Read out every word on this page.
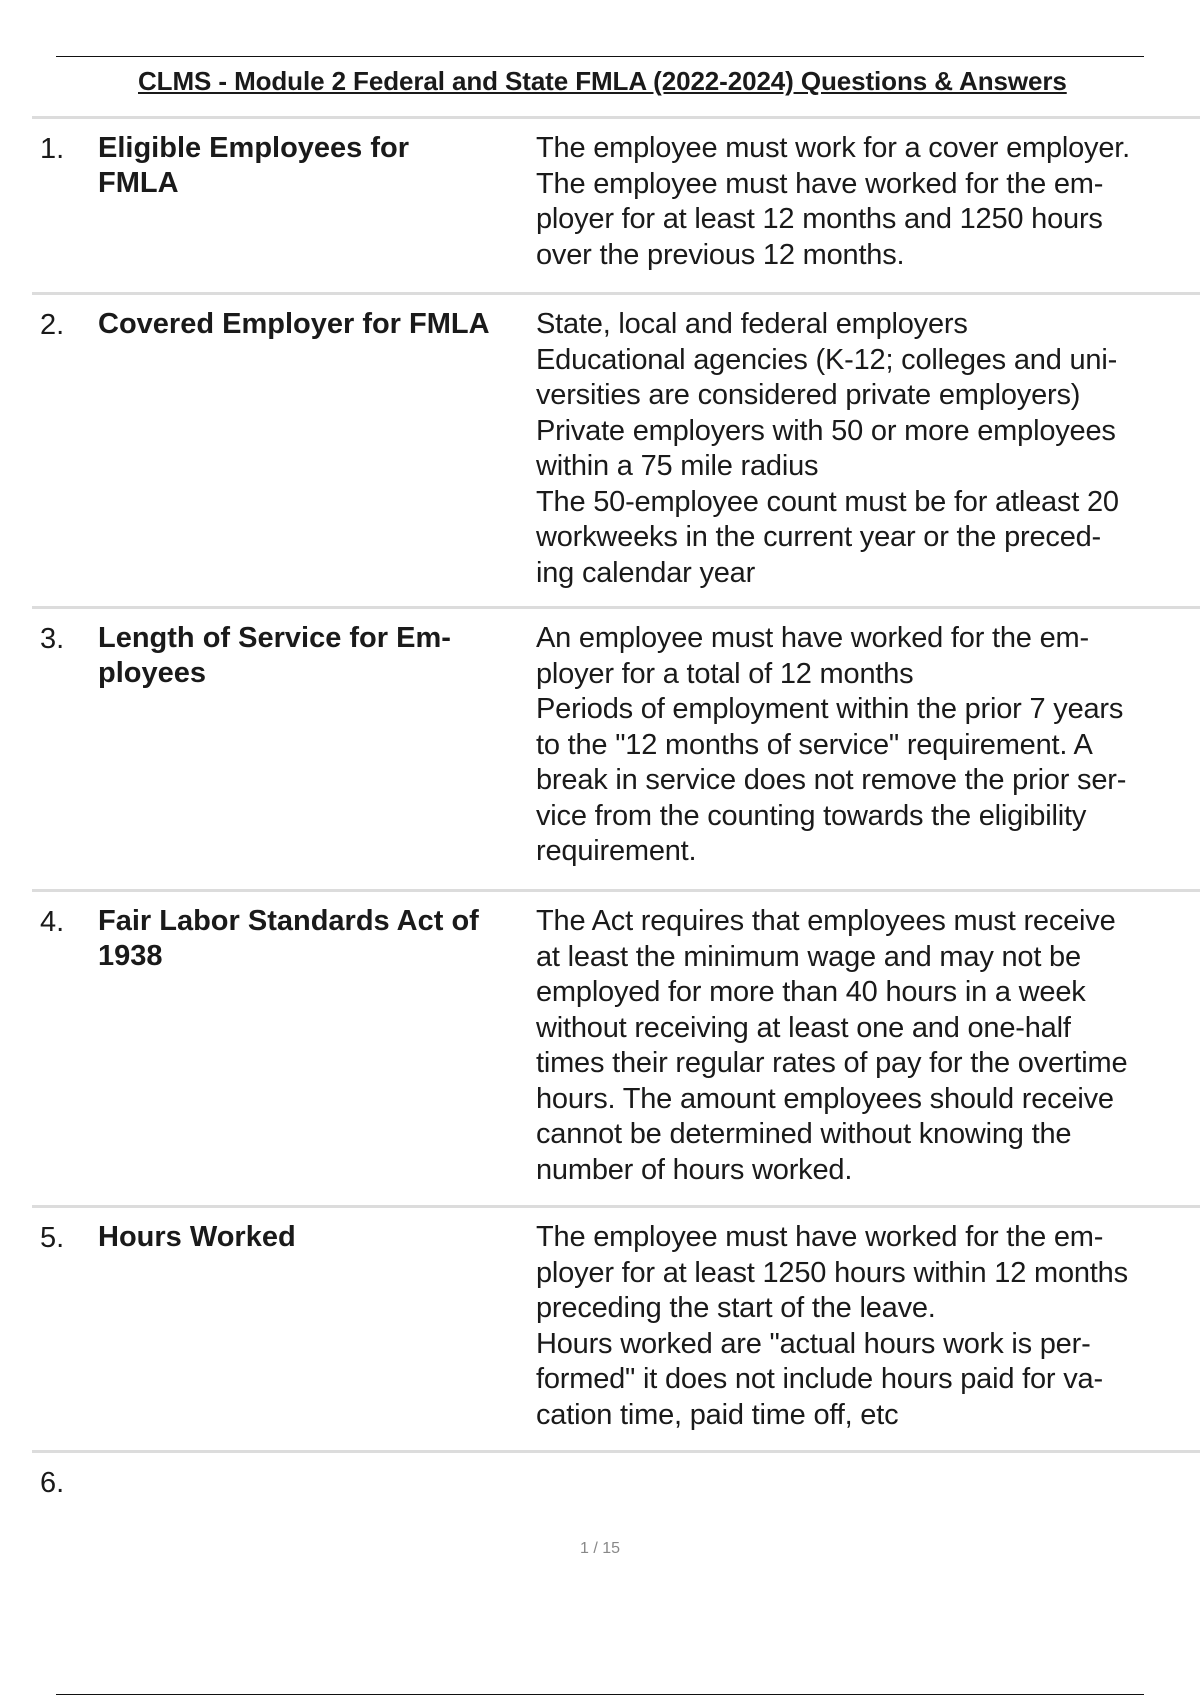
CLMS - Module 2 Federal and State FMLA (2022-2024) Questions & Answers
1. Eligible Employees for
FMLA
The employee must work for a cover employer.
The employee must have worked for the em-
ployer for at least 12 months and 1250 hours
over the previous 12 months.
2. Covered Employer for FMLA	State, local and federal employers
Educational agencies (K-12; colleges and uni-
versities are considered private employers)
Private employers with 50 or more employees
within a 75 mile radius
The 50-employee count must be for atleast 20
workweeks in the current year or the preced-
ing calendar year
3. Length of Service for Em-
ployees
An employee must have worked for the em-
ployer for a total of 12 months
Periods of employment within the prior 7 years
to the "12 months of service" requirement. A
break in service does not remove the prior ser-
vice from the counting towards the eligibility
requirement.
4. Fair Labor Standards Act of
1938
The Act requires that employees must receive
at least the minimum wage and may not be
employed for more than 40 hours in a week
without receiving at least one and one-half
times their regular rates of pay for the overtime
hours. The amount employees should receive
cannot be determined without knowing the
number of hours worked.
5. Hours Worked	The employee must have worked for the em-
ployer for at least 1250 hours within 12 months
preceding the start of the leave.
Hours worked are "actual hours work is per-
formed" it does not include hours paid for va-
cation time, paid time off, etc
6.
1 / 15
